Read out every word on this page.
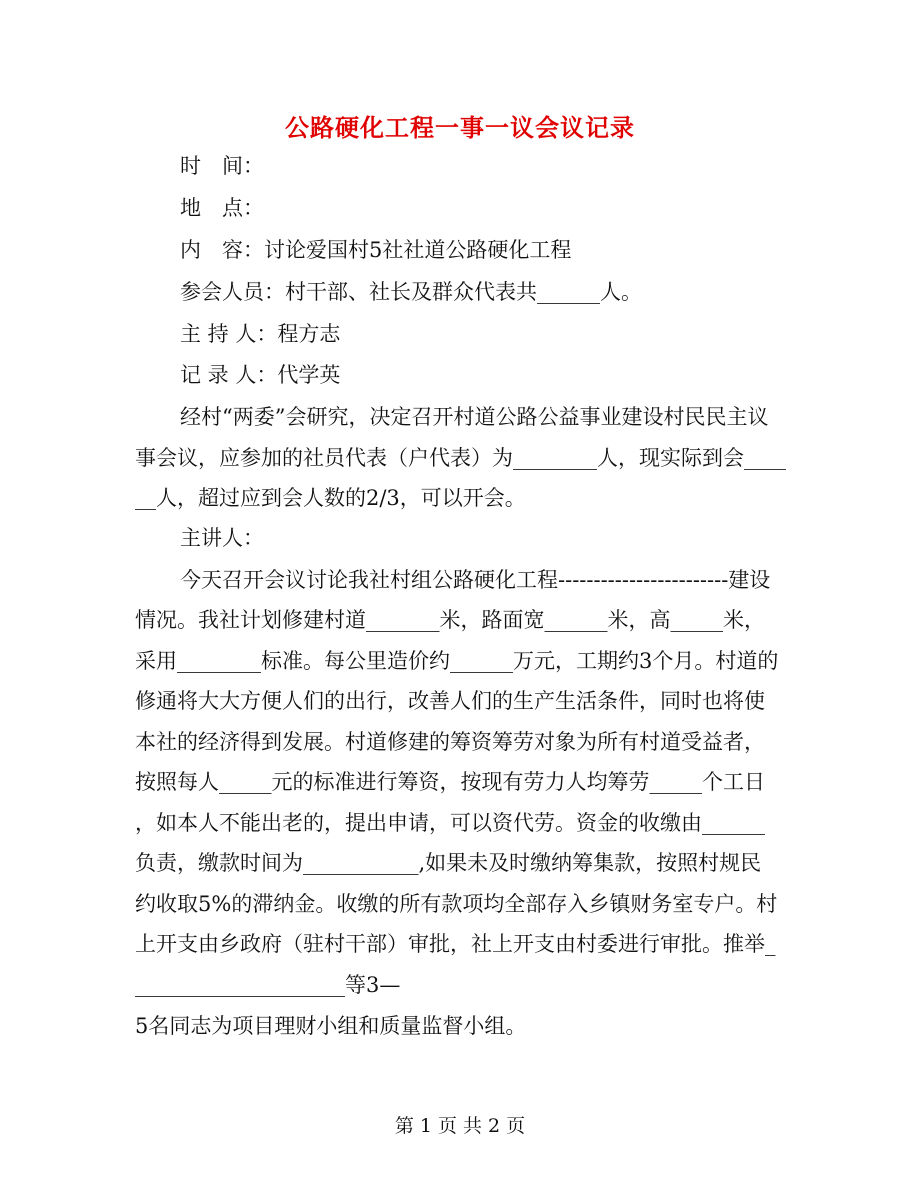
公路硬化工程一事一议会议记录

时　间：

地　点：

内　容：讨论爱国村5社社道公路硬化工程

参会人员：村干部、社长及群众代表共______人。

主 持 人：程方志

记 录 人：代学英

经村“两委”会研究，决定召开村道公路公益事业建设村民民主议

事会议，应参加的社员代表（户代表）为________人，现实际到会____

__人，超过应到会人数的2/3，可以开会。

主讲人：

今天召开会议讨论我社村组公路硬化工程------------------------建设

情况。我社计划修建村道_______米，路面宽______米，高_____米，

采用________标准。每公里造价约______万元，工期约3个月。村道的

修通将大大方便人们的出行，改善人们的生产生活条件，同时也将使

本社的经济得到发展。村道修建的筹资筹劳对象为所有村道受益者，

按照每人_____元的标准进行筹资，按现有劳力人均筹劳_____个工日

，如本人不能出老的，提出申请，可以资代劳。资金的收缴由______

负责，缴款时间为___________,如果未及时缴纳筹集款，按照村规民

约收取5%的滞纳金。收缴的所有款项均全部存入乡镇财务室专户。村

上开支由乡政府（驻村干部）审批，社上开支由村委进行审批。推举_

____________________等3—

5名同志为项目理财小组和质量监督小组。

第 1 页 共 2 页
